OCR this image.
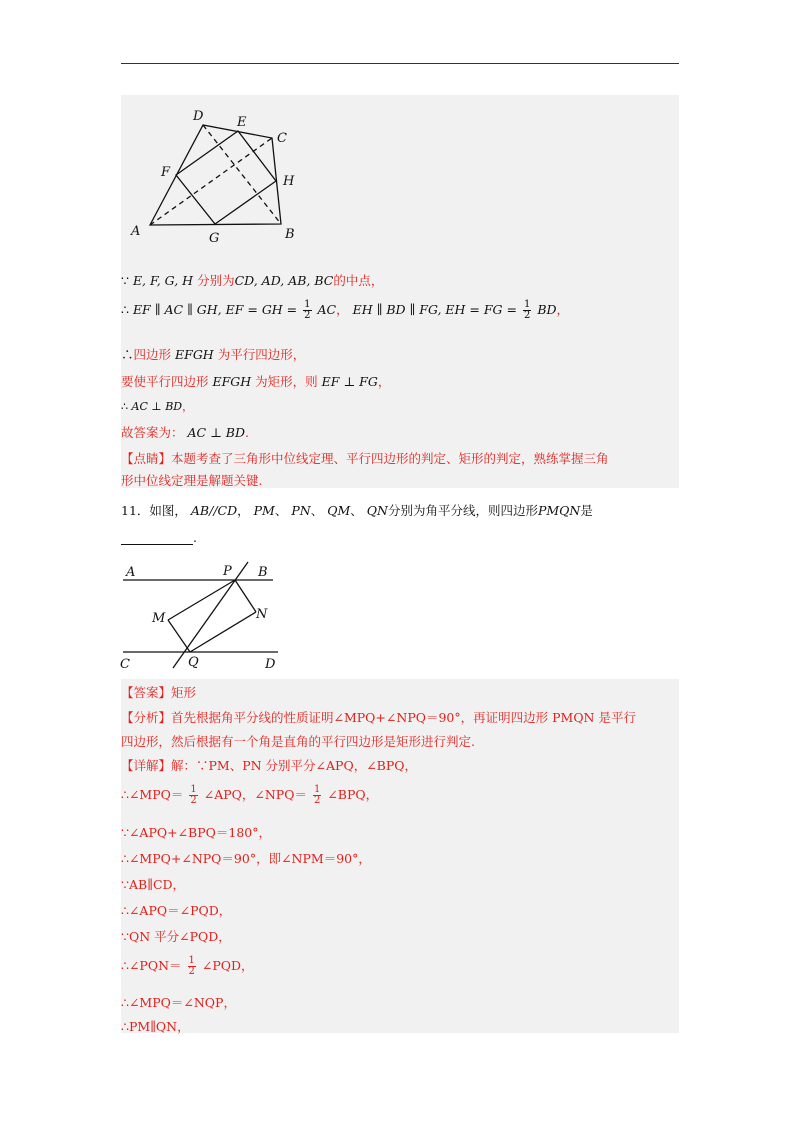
D	E
C
F
H
A	G	B
∵ E, F, G, H 分别为CD, AD, AB, BC的中点，
∴ EF ∥ AC ∥ GH, EF = GH = $\frac{1}{2}$ AC， EH ∥ BD ∥ FG, EH = FG = $\frac{1}{2}$ BD，
∴四边形 EFGH 为平行四边形，
要使平行四边形 EFGH 为矩形，则 EF ⊥ FG，
∴ AC ⊥ BD，
故答案为： AC ⊥ BD.
【点睛】本题考查了三角形中位线定理、平行四边形的判定、矩形的判定，熟练掌握三角
形中位线定理是解题关键.
11．如图， AB//CD， PM、 PN、 QM、 QN分别为角平分线，则四边形PMQN是
.
A	P B
M	N
C	Q	D
【答案】矩形
【分析】首先根据角平分线的性质证明∠MPQ+∠NPQ＝90°，再证明四边形 PMQN 是平行
四边形，然后根据有一个角是直角的平行四边形是矩形进行判定.
【详解】解：∵PM、PN 分别平分∠APQ，∠BPQ，
∴∠MPQ＝ $\frac{1}{2}$ ∠APQ，∠NPQ＝ $\frac{1}{2}$ ∠BPQ，
∵∠APQ+∠BPQ＝180°，
∴∠MPQ+∠NPQ＝90°，即∠NPM＝90°，
∵AB∥CD，
∴∠APQ＝∠PQD，
∵QN 平分∠PQD，
∴∠PQN＝ $\frac{1}{2}$ ∠PQD，
∴∠MPQ＝∠NQP，
∴PM∥QN，
